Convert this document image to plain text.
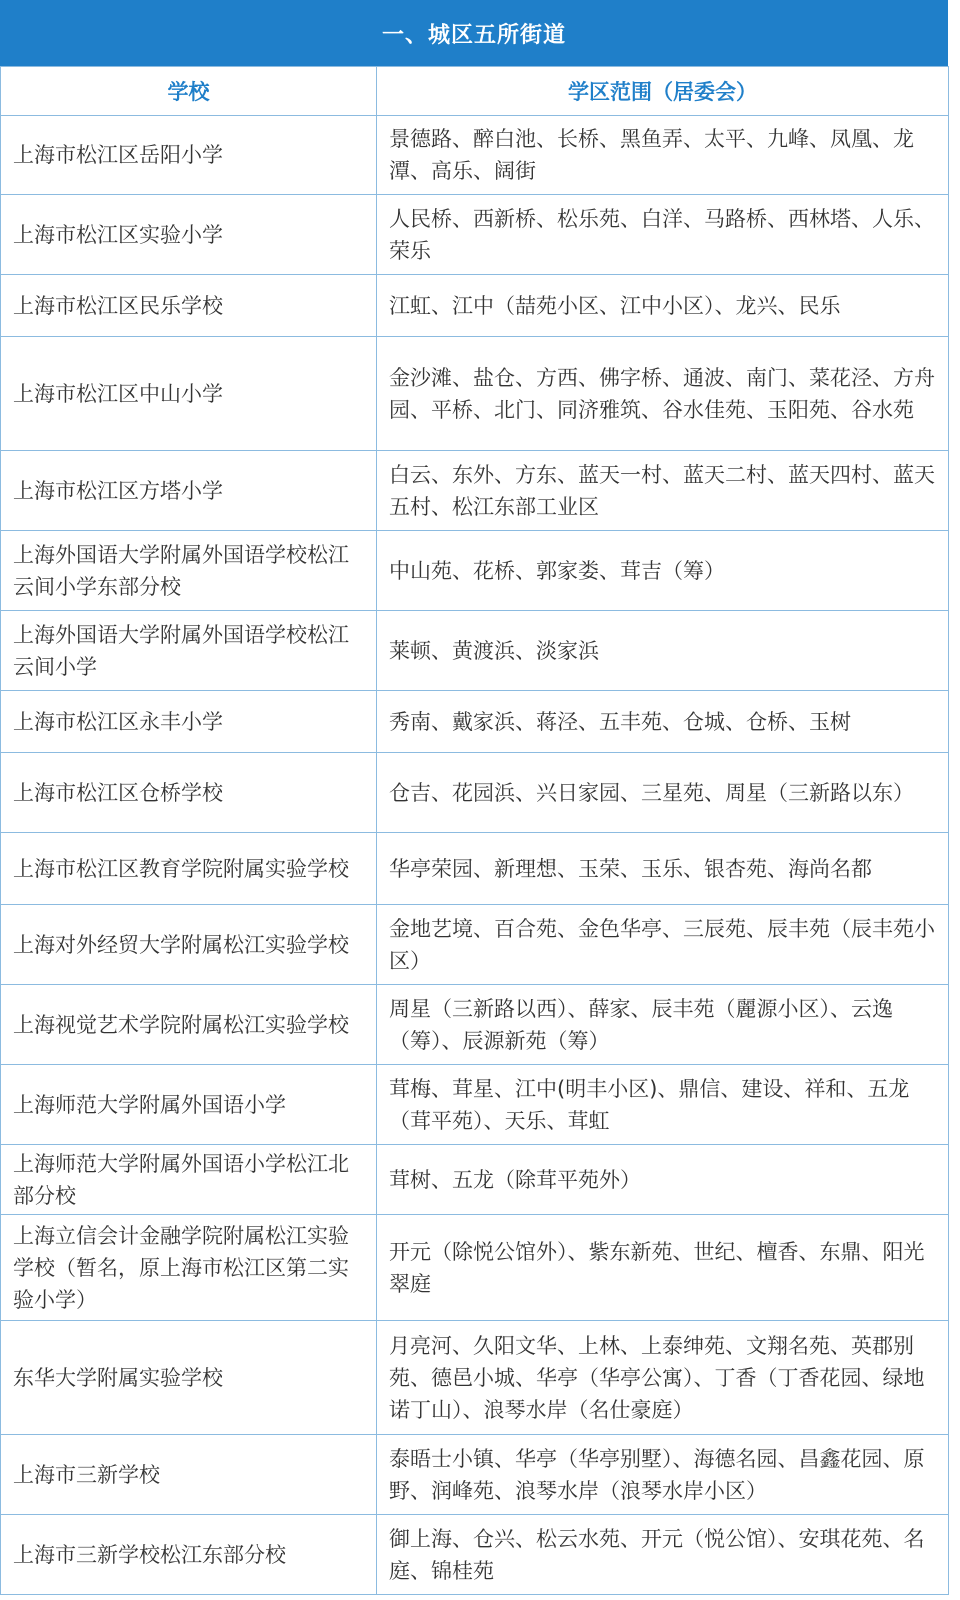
一、城区五所街道
学校	学区范围（居委会）
上海市松江区岳阳小学	景德路、醉白池、长桥、黑鱼弄、太平、九峰、凤凰、龙潭、高乐、阔街
上海市松江区实验小学	人民桥、西新桥、松乐苑、白洋、马路桥、西林塔、人乐、荣乐
上海市松江区民乐学校	江虹、江中（喆苑小区、江中小区）、龙兴、民乐
上海市松江区中山小学	金沙滩、盐仓、方西、佛字桥、通波、南门、菜花泾、方舟园、平桥、北门、同济雅筑、谷水佳苑、玉阳苑、谷水苑
上海市松江区方塔小学	白云、东外、方东、蓝天一村、蓝天二村、蓝天四村、蓝天五村、松江东部工业区
上海外国语大学附属外国语学校松江云间小学东部分校	中山苑、花桥、郭家娄、茸吉（筹）
上海外国语大学附属外国语学校松江云间小学	莱顿、黄渡浜、淡家浜
上海市松江区永丰小学	秀南、戴家浜、蒋泾、五丰苑、仓城、仓桥、玉树
上海市松江区仓桥学校	仓吉、花园浜、兴日家园、三星苑、周星（三新路以东）
上海市松江区教育学院附属实验学校	华亭荣园、新理想、玉荣、玉乐、银杏苑、海尚名都
上海对外经贸大学附属松江实验学校	金地艺境、百合苑、金色华亭、三辰苑、辰丰苑（辰丰苑小区）
上海视觉艺术学院附属松江实验学校	周星（三新路以西）、薛家、辰丰苑（麗源小区）、云逸（筹）、辰源新苑（筹）
上海师范大学附属外国语小学	茸梅、茸星、江中(明丰小区)、鼎信、建设、祥和、五龙（茸平苑）、天乐、茸虹
上海师范大学附属外国语小学松江北部分校	茸树、五龙（除茸平苑外）
上海立信会计金融学院附属松江实验学校（暂名，原上海市松江区第二实验小学）	开元（除悦公馆外）、紫东新苑、世纪、檀香、东鼎、阳光翠庭
东华大学附属实验学校	月亮河、久阳文华、上林、上泰绅苑、文翔名苑、英郡别苑、德邑小城、华亭（华亭公寓）、丁香（丁香花园、绿地诺丁山）、浪琴水岸（名仕豪庭）
上海市三新学校	泰晤士小镇、华亭（华亭别墅）、海德名园、昌鑫花园、原野、润峰苑、浪琴水岸（浪琴水岸小区）
上海市三新学校松江东部分校	御上海、仓兴、松云水苑、开元（悦公馆）、安琪花苑、名庭、锦桂苑
